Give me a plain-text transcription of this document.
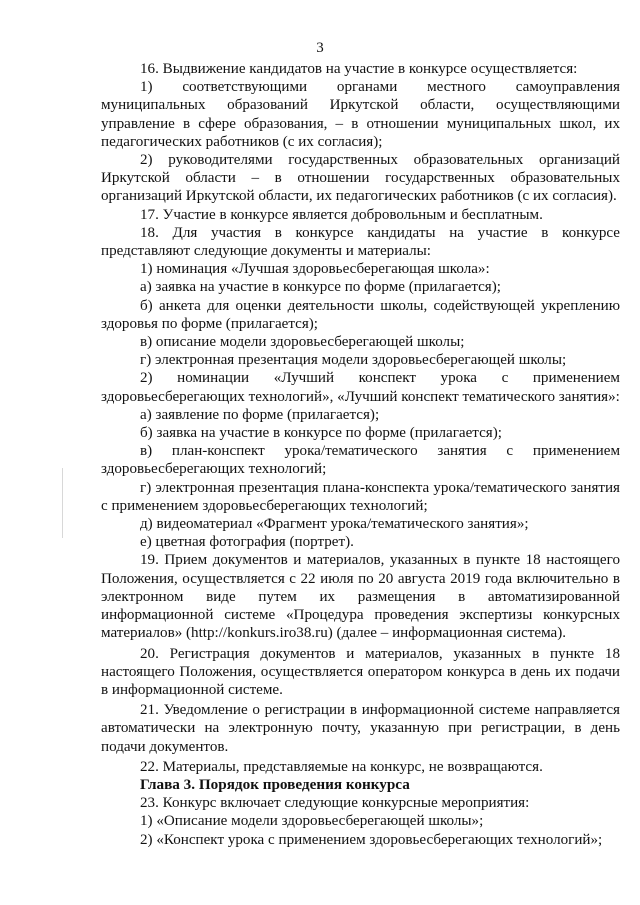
3

16. Выдвижение кандидатов на участие в конкурсе осуществляется:

1) соответствующими органами местного самоуправления муниципальных образований Иркутской области, осуществляющими управление в сфере образования, – в отношении муниципальных школ, их педагогических работников (с их согласия);

2) руководителями государственных образовательных организаций Иркутской области – в отношении государственных образовательных организаций Иркутской области, их педагогических работников (с их согласия).

17. Участие в конкурсе является добровольным и бесплатным.

18. Для участия в конкурсе кандидаты на участие в конкурсе представляют следующие документы и материалы:

1) номинация «Лучшая здоровьесберегающая школа»:

а) заявка на участие в конкурсе по форме (прилагается);

б) анкета для оценки деятельности школы, содействующей укреплению здоровья по форме (прилагается);

в) описание модели здоровьесберегающей школы;

г) электронная презентация модели здоровьесберегающей школы;

2) номинации «Лучший конспект урока с применением здоровьесберегающих технологий», «Лучший конспект тематического занятия»:

а) заявление по форме (прилагается);

б) заявка на участие в конкурсе по форме (прилагается);

в) план-конспект урока/тематического занятия с применением здоровьесберегающих технологий;

г) электронная презентация плана-конспекта урока/тематического занятия с применением здоровьесберегающих технологий;

д) видеоматериал «Фрагмент урока/тематического занятия»;

е) цветная фотография (портрет).

19. Прием документов и материалов, указанных в пункте 18 настоящего Положения, осуществляется с 22 июля по 20 августа 2019 года включительно в электронном виде путем их размещения в автоматизированной информационной системе «Процедура проведения экспертизы конкурсных материалов» (http://konkurs.iro38.ru) (далее – информационная система).

20. Регистрация документов и материалов, указанных в пункте 18 настоящего Положения, осуществляется оператором конкурса в день их подачи в информационной системе.

21. Уведомление о регистрации в информационной системе направляется автоматически на электронную почту, указанную при регистрации, в день подачи документов.

22. Материалы, представляемые на конкурс, не возвращаются.

Глава 3. Порядок проведения конкурса

23. Конкурс включает следующие конкурсные мероприятия:

1) «Описание модели здоровьесберегающей школы»;

2) «Конспект урока с применением здоровьесберегающих технологий»;
